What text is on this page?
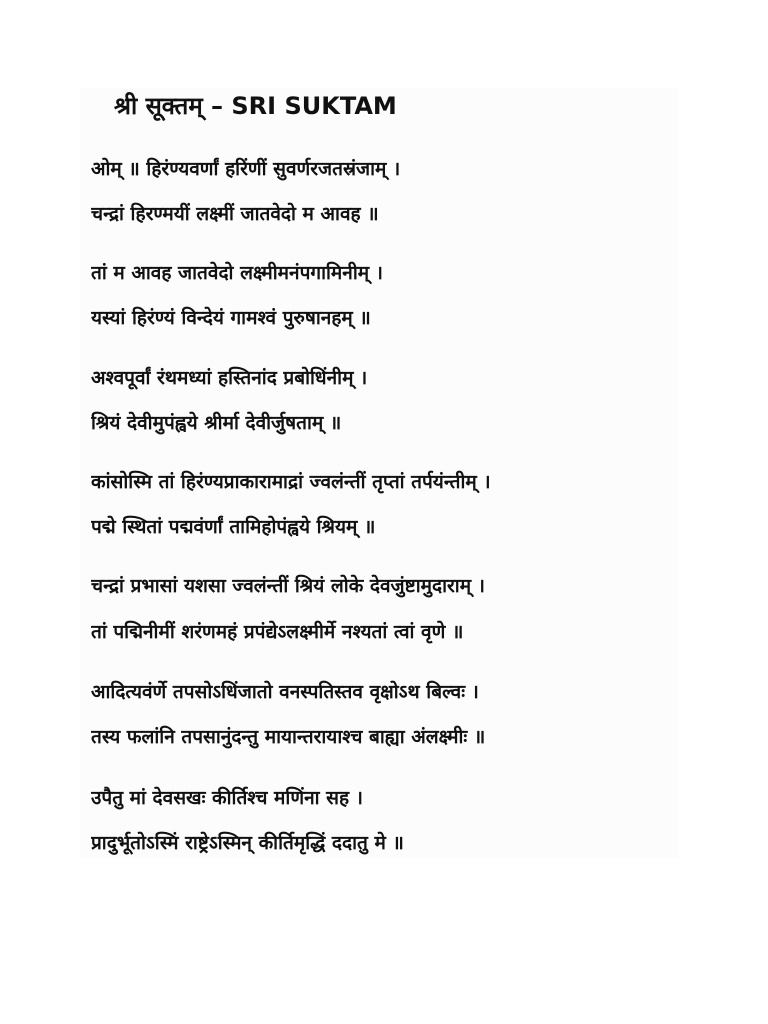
श्री सूक्तम् – SRI SUKTAM
ओम् ॥ हिरंण्यवर्णां हरिंणीं सुवर्णरजतस्रंजाम् ।
चन्द्रां हिरण्मयीं लक्ष्मीं जातवेदो म आवह ॥
तां म आवह जातवेदो लक्ष्मीमनंपगामिनीम् ।
यस्यां हिरंण्यं विन्देयं गामश्वं पुरुषानहम् ॥
अश्वपूर्वां रंथमध्यां हस्तिनांद प्रबोधिंनीम् ।
श्रियं देवीमुपंह्वये श्रीर्मा देवीर्जुषताम् ॥
कांसोस्मि तां हिरंण्यप्राकारामाद्रां ज्वलंन्तीं तृप्तां तर्पयंन्तीम् ।
पद्मे स्थितां पद्मवंर्णां तामिहोपंह्वये श्रियम् ॥
चन्द्रां प्रभासां यशसा ज्वलंन्तीं श्रियं लोके देवजुंष्टामुदाराम् ।
तां पद्मिनीमीं शरंणमहं प्रपंद्येऽलक्ष्मीर्मे नश्यतां त्वां वृणे ॥
आदित्यवंर्णे तपसोऽधिंजातो वनस्पतिस्तव वृक्षोऽथ बिल्वः ।
तस्य फलांनि तपसानुंदन्तु मायान्तरायाश्च बाह्या अंलक्ष्मीः ॥
उपैतु मां देवसखः कीर्तिश्च मणिंना सह ।
प्रादुर्भूतोऽस्मिं राष्ट्रेऽस्मिन् कीर्तिमृद्धिं ददातु मे ॥
